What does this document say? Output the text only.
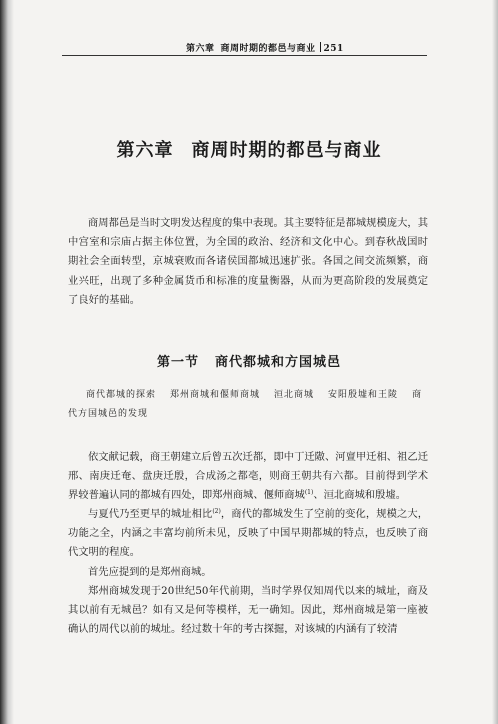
第六章 商周时期的都邑与商业 251
第六章 商周时期的都邑与商业

商周都邑是当时文明发达程度的集中表现。其主要特征是都城规模庞大，其中宫室和宗庙占据主体位置，为全国的政治、经济和文化中心。到春秋战国时期社会全面转型，京城衰败而各诸侯国都城迅速扩张。各国之间交流频繁，商业兴旺，出现了多种金属货币和标准的度量衡器，从而为更高阶段的发展奠定了良好的基础。

第一节 商代都城和方国城邑

商代都城的探索 郑州商城和偃师商城 洹北商城 安阳殷墟和王陵 商代方国城邑的发现

依文献记载，商王朝建立后曾五次迁都，即中丁迁隞、河亶甲迁相、祖乙迁邢、南庚迁奄、盘庚迁殷，合成汤之都亳，则商王朝共有六都。目前得到学术界较普遍认同的都城有四处，即郑州商城、偃师商城$^{(1)}$、洹北商城和殷墟。

与夏代乃至更早的城址相比$^{(2)}$，商代的都城发生了空前的变化，规模之大，功能之全，内涵之丰富均前所未见，反映了中国早期都城的特点，也反映了商代文明的程度。

首先应提到的是郑州商城。

郑州商城发现于20世纪50年代前期，当时学界仅知周代以来的城址，商及其以前有无城邑？如有又是何等模样，无一确知。因此，郑州商城是第一座被确认的周代以前的城址。经过数十年的考古探掘，对该城的内涵有了较清
